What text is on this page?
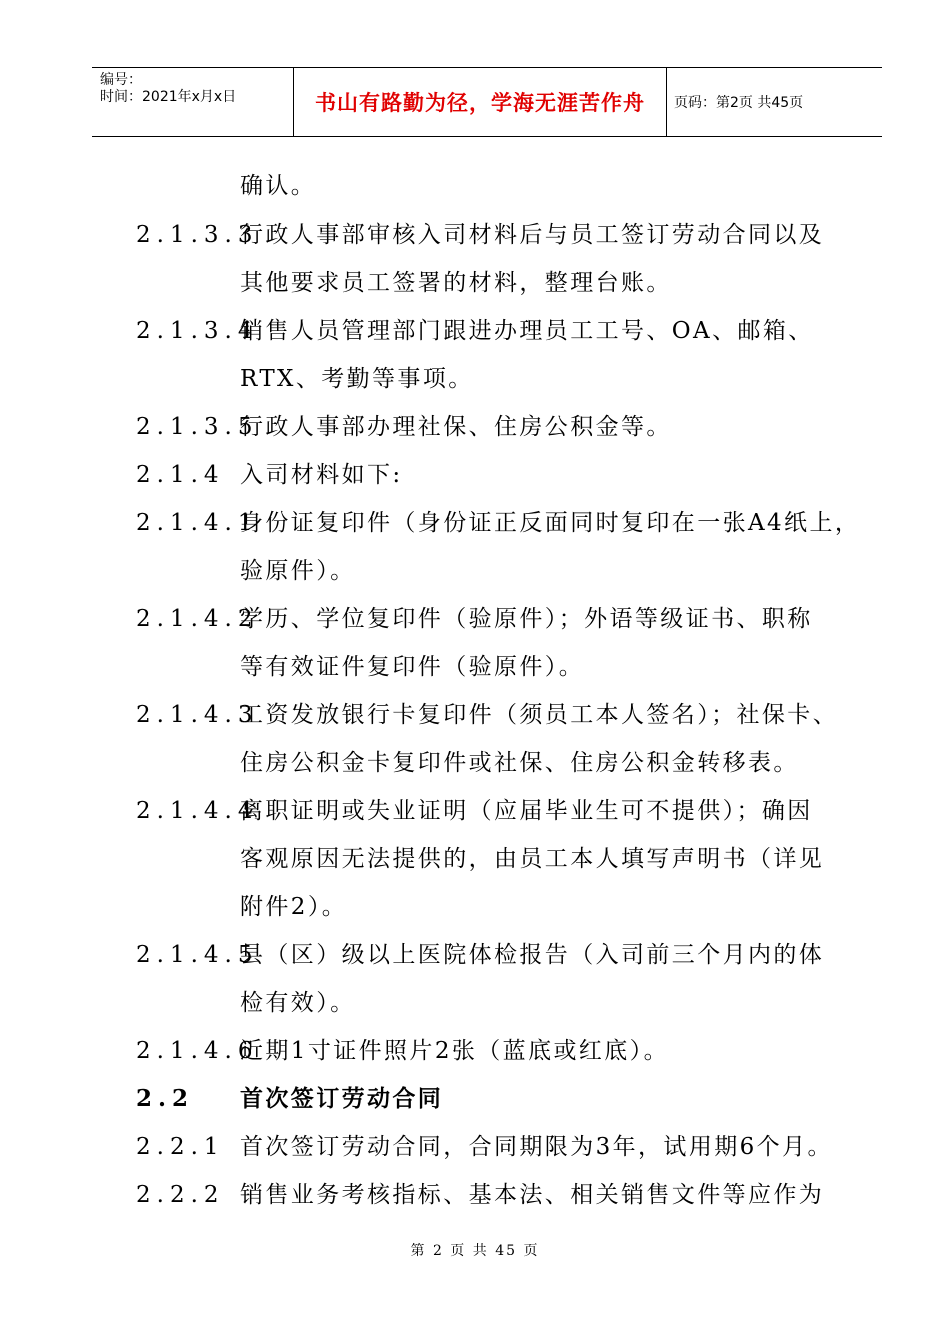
编号：
时间：2021年x月x日	书山有路勤为径，学海无涯苦作舟	页码：第2页 共45页
确认。
2.1.3.3
行政人事部审核入司材料后与员工签订劳动合同以及
其他要求员工签署的材料，整理台账。
2.1.3.4
销售人员管理部门跟进办理员工工号、OA、邮箱、
RTX、考勤等事项。
2.1.3.5
行政人事部办理社保、住房公积金等。
2.1.4 入司材料如下:
2.1.4.1
身份证复印件（身份证正反面同时复印在一张A4纸上，
验原件）。
2.1.4.2
学历、学位复印件（验原件）；外语等级证书、职称
等有效证件复印件（验原件）。
2.1.4.3
工资发放银行卡复印件（须员工本人签名）；社保卡、
住房公积金卡复印件或社保、住房公积金转移表。
2.1.4.4
离职证明或失业证明（应届毕业生可不提供）；确因
客观原因无法提供的，由员工本人填写声明书（详见
附件2）。
2.1.4.5
县（区）级以上医院体检报告（入司前三个月内的体
检有效）。
2.1.4.6
近期1寸证件照片2张（蓝底或红底）。
2.2 首次签订劳动合同
2.2.1 首次签订劳动合同，合同期限为3年，试用期6个月。
2.2.2 销售业务考核指标、基本法、相关销售文件等应作为
第 2 页 共 45 页
